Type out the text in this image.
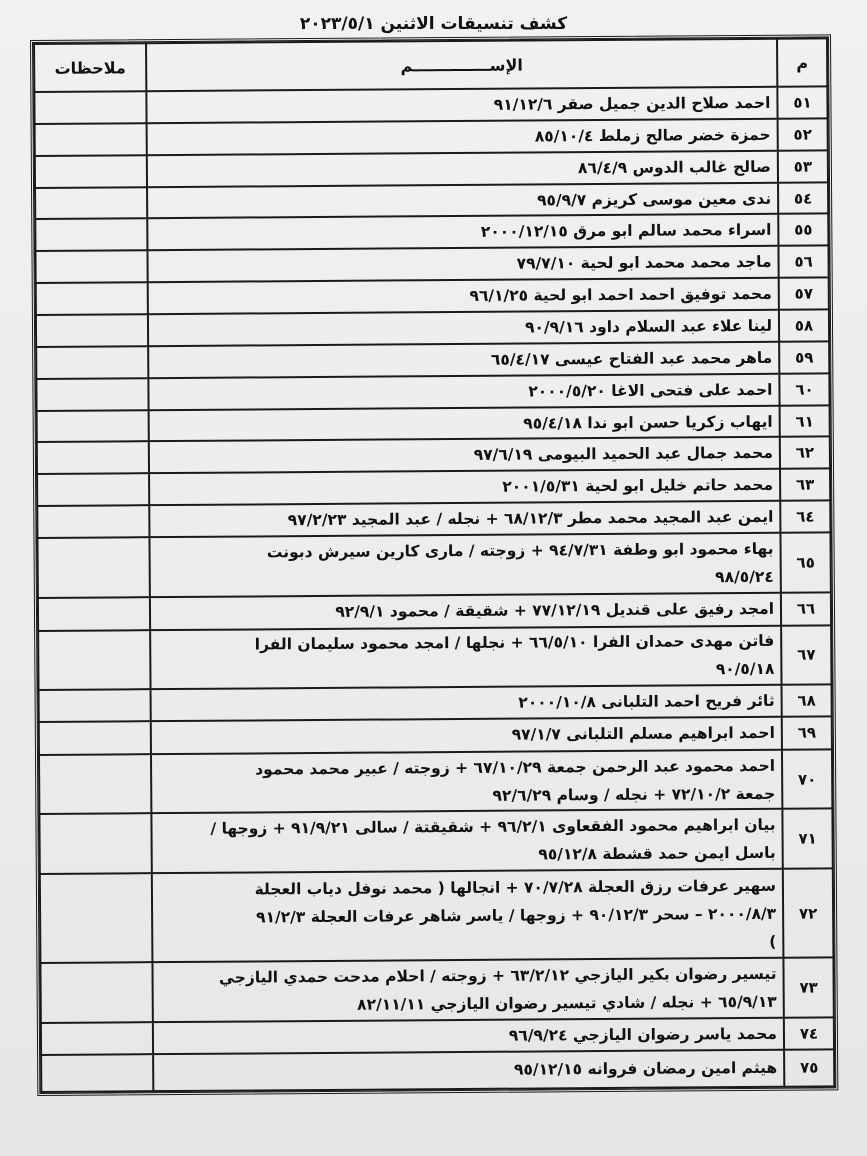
كشف تنسيقات الاثنين ٢٠٢٣/٥/١
م	الإســــــــــــــم	ملاحظات
٥١	احمد صلاح الدين جميل صقر ٩١/١٢/٦	
٥٢	حمزة خضر صالح زملط ٨٥/١٠/٤	
٥٣	صالح غالب الدوس ٨٦/٤/٩	
٥٤	ندى معين موسى كريزم ٩٥/٩/٧	
٥٥	اسراء محمد سالم ابو مرق ٢٠٠٠/١٢/١٥	
٥٦	ماجد محمد محمد ابو لحية ٧٩/٧/١٠	
٥٧	محمد توفيق احمد احمد ابو لحية ٩٦/١/٢٥	
٥٨	لينا علاء عبد السلام داود ٩٠/٩/١٦	
٥٩	ماهر محمد عبد الفتاح عيسى ٦٥/٤/١٧	
٦٠	احمد على فتحى الاغا ٢٠٠٠/٥/٢٠	
٦١	ايهاب زكريا حسن ابو ندا ٩٥/٤/١٨	
٦٢	محمد جمال عبد الحميد البيومى ٩٧/٦/١٩	
٦٣	محمد حاتم خليل ابو لحية ٢٠٠١/٥/٣١	
٦٤	ايمن عبد المجيد محمد مطر ٦٨/١٢/٣ + نجله / عبد المجيد ٩٧/٢/٢٣	
٦٥	بهاء محمود ابو وطفة ٩٤/٧/٣١ + زوجته / مارى كارين سيرش دبونت
٩٨/٥/٢٤	
٦٦	امجد رفيق على قنديل ٧٧/١٢/١٩ + شقيقة / محمود ٩٢/٩/١	
٦٧	فاتن مهدى حمدان الفرا ٦٦/٥/١٠ + نجلها / امجد محمود سليمان الفرا
٩٠/٥/١٨	
٦٨	ثائر فريح احمد التلبانى ٢٠٠٠/١٠/٨	
٦٩	احمد ابراهيم مسلم التلبانى ٩٧/١/٧	
٧٠	احمد محمود عبد الرحمن جمعة ٦٧/١٠/٢٩ + زوجته / عبير محمد محمود
جمعة ٧٢/١٠/٢ + نجله / وسام ٩٢/٦/٢٩	
٧١	بيان ابراهيم محمود الفقعاوى ٩٦/٢/١ + شقيقتة / سالى ٩١/٩/٢١ + زوجها /
باسل ايمن حمد قشطة ٩٥/١٢/٨	
٧٢	سهير عرفات رزق العجلة ٧٠/٧/٢٨ + انجالها ( محمد نوفل دياب العجلة
٢٠٠٠/٨/٣ – سحر ٩٠/١٢/٣ + زوجها / ياسر شاهر عرفات العجلة ٩١/٢/٣
)	
٧٣	تيسير رضوان بكير اليازجي ٦٣/٢/١٢ + زوجته / احلام مدحت حمدي اليازجي
٦٥/٩/١٣ + نجله / شادي تيسير رضوان اليازجي ٨٢/١١/١١	
٧٤	محمد ياسر رضوان اليازجي ٩٦/٩/٢٤	
٧٥	هيثم امين رمضان فروانه ٩٥/١٢/١٥	
